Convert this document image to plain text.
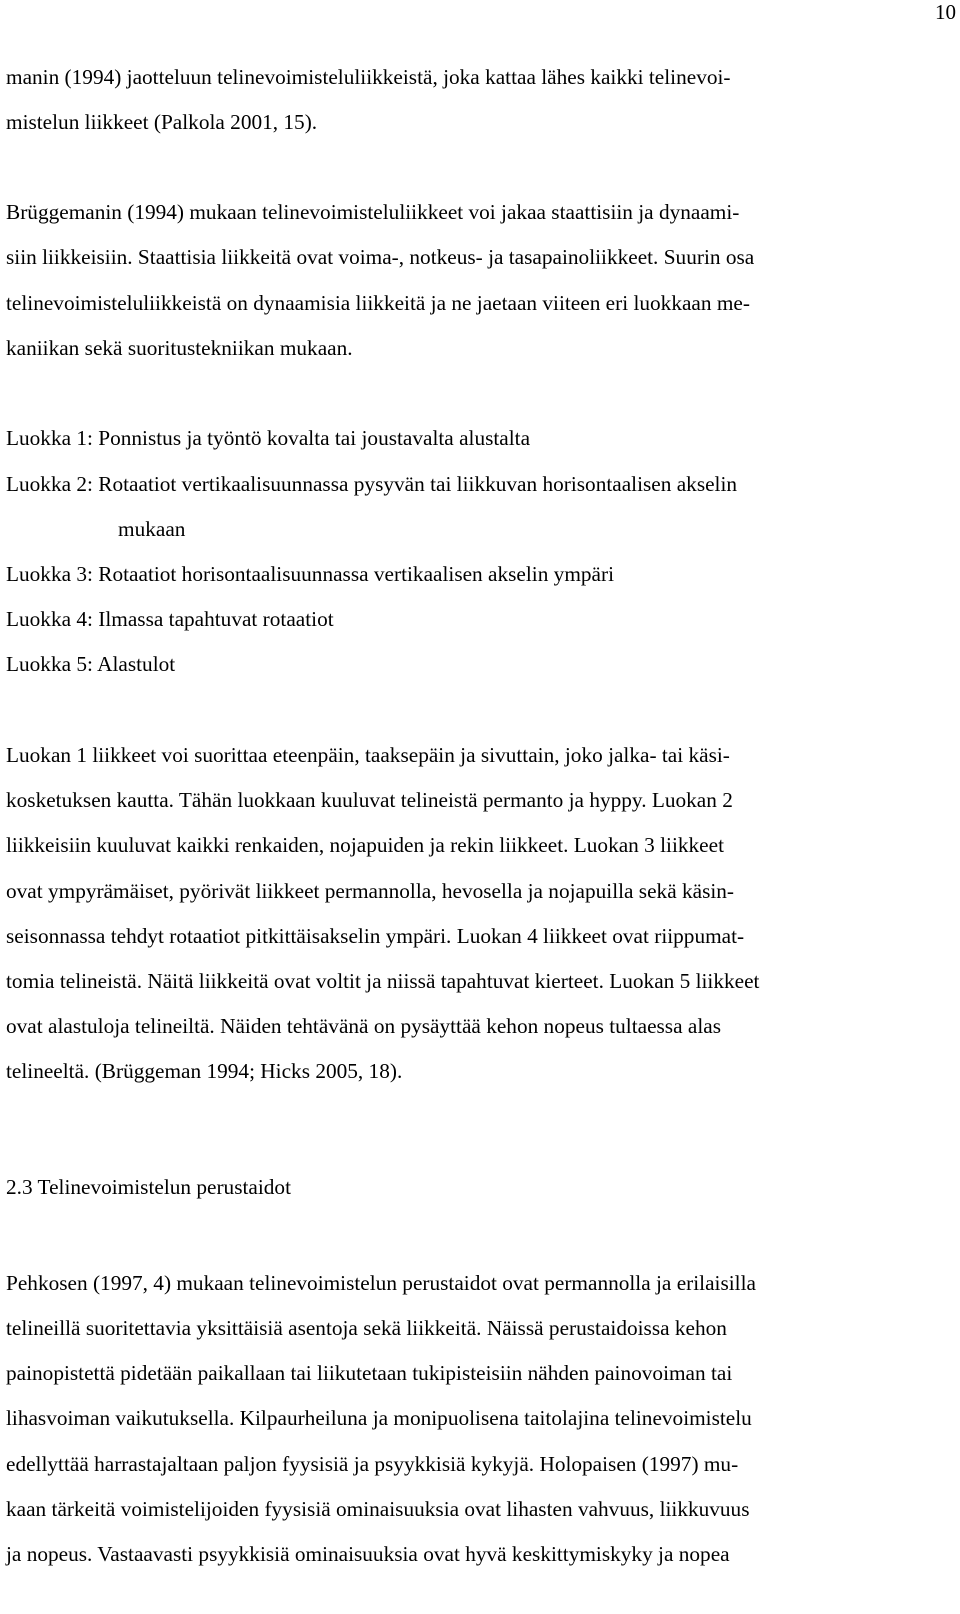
10
manin (1994) jaotteluun telinevoimisteluliikkeistä, joka kattaa lähes kaikki telinevoi-
mistelun liikkeet (Palkola 2001, 15).
Brüggemanin (1994) mukaan telinevoimisteluliikkeet voi jakaa staattisiin ja dynaami-
siin liikkeisiin. Staattisia liikkeitä ovat voima-, notkeus- ja tasapainoliikkeet. Suurin osa
telinevoimisteluliikkeistä on dynaamisia liikkeitä ja ne jaetaan viiteen eri luokkaan me-
kaniikan sekä suoritustekniikan mukaan.
Luokka 1: Ponnistus ja työntö kovalta tai joustavalta alustalta
Luokka 2: Rotaatiot vertikaalisuunnassa pysyvän tai liikkuvan horisontaalisen akselin
mukaan
Luokka 3: Rotaatiot horisontaalisuunnassa vertikaalisen akselin ympäri
Luokka 4: Ilmassa tapahtuvat rotaatiot
Luokka 5: Alastulot
Luokan 1 liikkeet voi suorittaa eteenpäin, taaksepäin ja sivuttain, joko jalka- tai käsi-
kosketuksen kautta. Tähän luokkaan kuuluvat telineistä permanto ja hyppy. Luokan 2
liikkeisiin kuuluvat kaikki renkaiden, nojapuiden ja rekin liikkeet. Luokan 3 liikkeet
ovat ympyrämäiset, pyörivät liikkeet permannolla, hevosella ja nojapuilla sekä käsin-
seisonnassa tehdyt rotaatiot pitkittäisakselin ympäri. Luokan 4 liikkeet ovat riippumat-
tomia telineistä. Näitä liikkeitä ovat voltit ja niissä tapahtuvat kierteet. Luokan 5 liikkeet
ovat alastuloja telineiltä. Näiden tehtävänä on pysäyttää kehon nopeus tultaessa alas
telineeltä. (Brüggeman 1994; Hicks 2005, 18).
2.3 Telinevoimistelun perustaidot
Pehkosen (1997, 4) mukaan telinevoimistelun perustaidot ovat permannolla ja erilaisilla
telineillä suoritettavia yksittäisiä asentoja sekä liikkeitä. Näissä perustaidoissa kehon
painopistettä pidetään paikallaan tai liikutetaan tukipisteisiin nähden painovoiman tai
lihasvoiman vaikutuksella. Kilpaurheiluna ja monipuolisena taitolajina telinevoimistelu
edellyttää harrastajaltaan paljon fyysisiä ja psyykkisiä kykyjä. Holopaisen (1997) mu-
kaan tärkeitä voimistelijoiden fyysisiä ominaisuuksia ovat lihasten vahvuus, liikkuvuus
ja nopeus. Vastaavasti psyykkisiä ominaisuuksia ovat hyvä keskittymiskyky ja nopea
